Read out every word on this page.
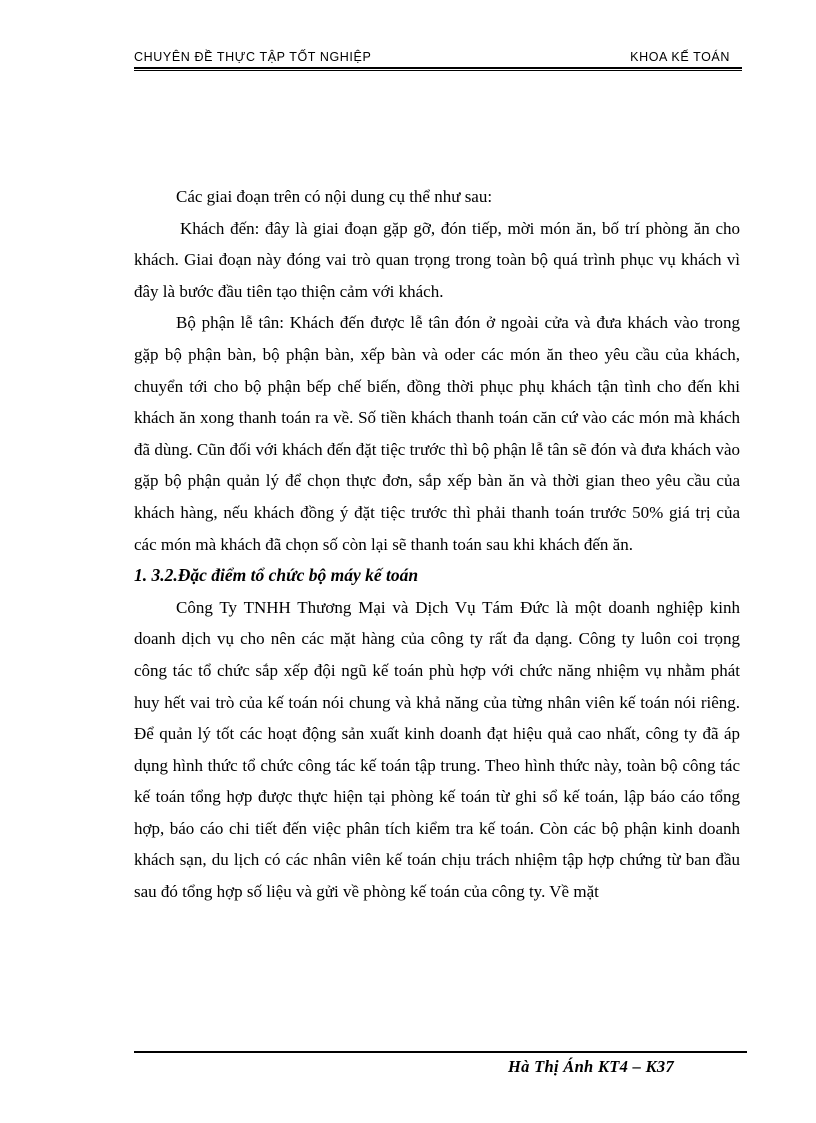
CHUYÊN ĐỀ THỰC TẬP TỐT NGHIỆP	KHOA KẾ TOÁN

Các giai đoạn trên có nội dung cụ thể như sau:

Khách đến: đây là giai đoạn gặp gỡ, đón tiếp, mời món ăn, bố trí phòng ăn cho khách. Giai đoạn này đóng vai trò quan trọng trong toàn bộ quá trình phục vụ khách vì đây là bước đầu tiên tạo thiện cảm với khách.

Bộ phận lễ tân: Khách đến được lễ tân đón ở ngoài cửa và đưa khách vào trong gặp bộ phận bàn, bộ phận bàn, xếp bàn và oder các món ăn theo yêu cầu của khách, chuyển tới cho bộ phận bếp chế biến, đồng thời phục phụ khách tận tình cho đến khi khách ăn xong thanh toán ra về. Số tiền khách thanh toán căn cứ vào các món mà khách đã dùng. Cũn đối với khách đến đặt tiệc trước thì bộ phận lễ tân sẽ đón và đưa khách vào gặp bộ phận quản lý để chọn thực đơn, sắp xếp bàn ăn và thời gian theo yêu cầu của khách hàng, nếu khách đồng ý đặt tiệc trước thì phải thanh toán trước 50% giá trị của các món mà khách đã chọn số còn lại sẽ thanh toán sau khi khách đến ăn.

1. 3.2.Đặc điểm tổ chức bộ máy kế toán

Công Ty TNHH Thương Mại và Dịch Vụ Tám Đức là một doanh nghiệp kinh doanh dịch vụ cho nên các mặt hàng của công ty rất đa dạng. Công ty luôn coi trọng công tác tổ chức sắp xếp đội ngũ kế toán phù hợp với chức năng nhiệm vụ nhằm phát huy hết vai trò của kế toán nói chung và khả năng của từng nhân viên kế toán nói riêng. Để quản lý tốt các hoạt động sản xuất kinh doanh đạt hiệu quả cao nhất, công ty đã áp dụng hình thức tổ chức công tác kế toán tập trung. Theo hình thức này, toàn bộ công tác kế toán tổng hợp được thực hiện tại phòng kế toán từ ghi sổ kế toán, lập báo cáo tổng hợp, báo cáo chi tiết đến việc phân tích kiểm tra kế toán. Còn các bộ phận kinh doanh khách sạn, du lịch có các nhân viên kế toán chịu trách nhiệm tập hợp chứng từ ban đầu sau đó tổng hợp số liệu và gửi về phòng kế toán của công ty. Về mặt

Hà Thị Ánh KT4 – K37
